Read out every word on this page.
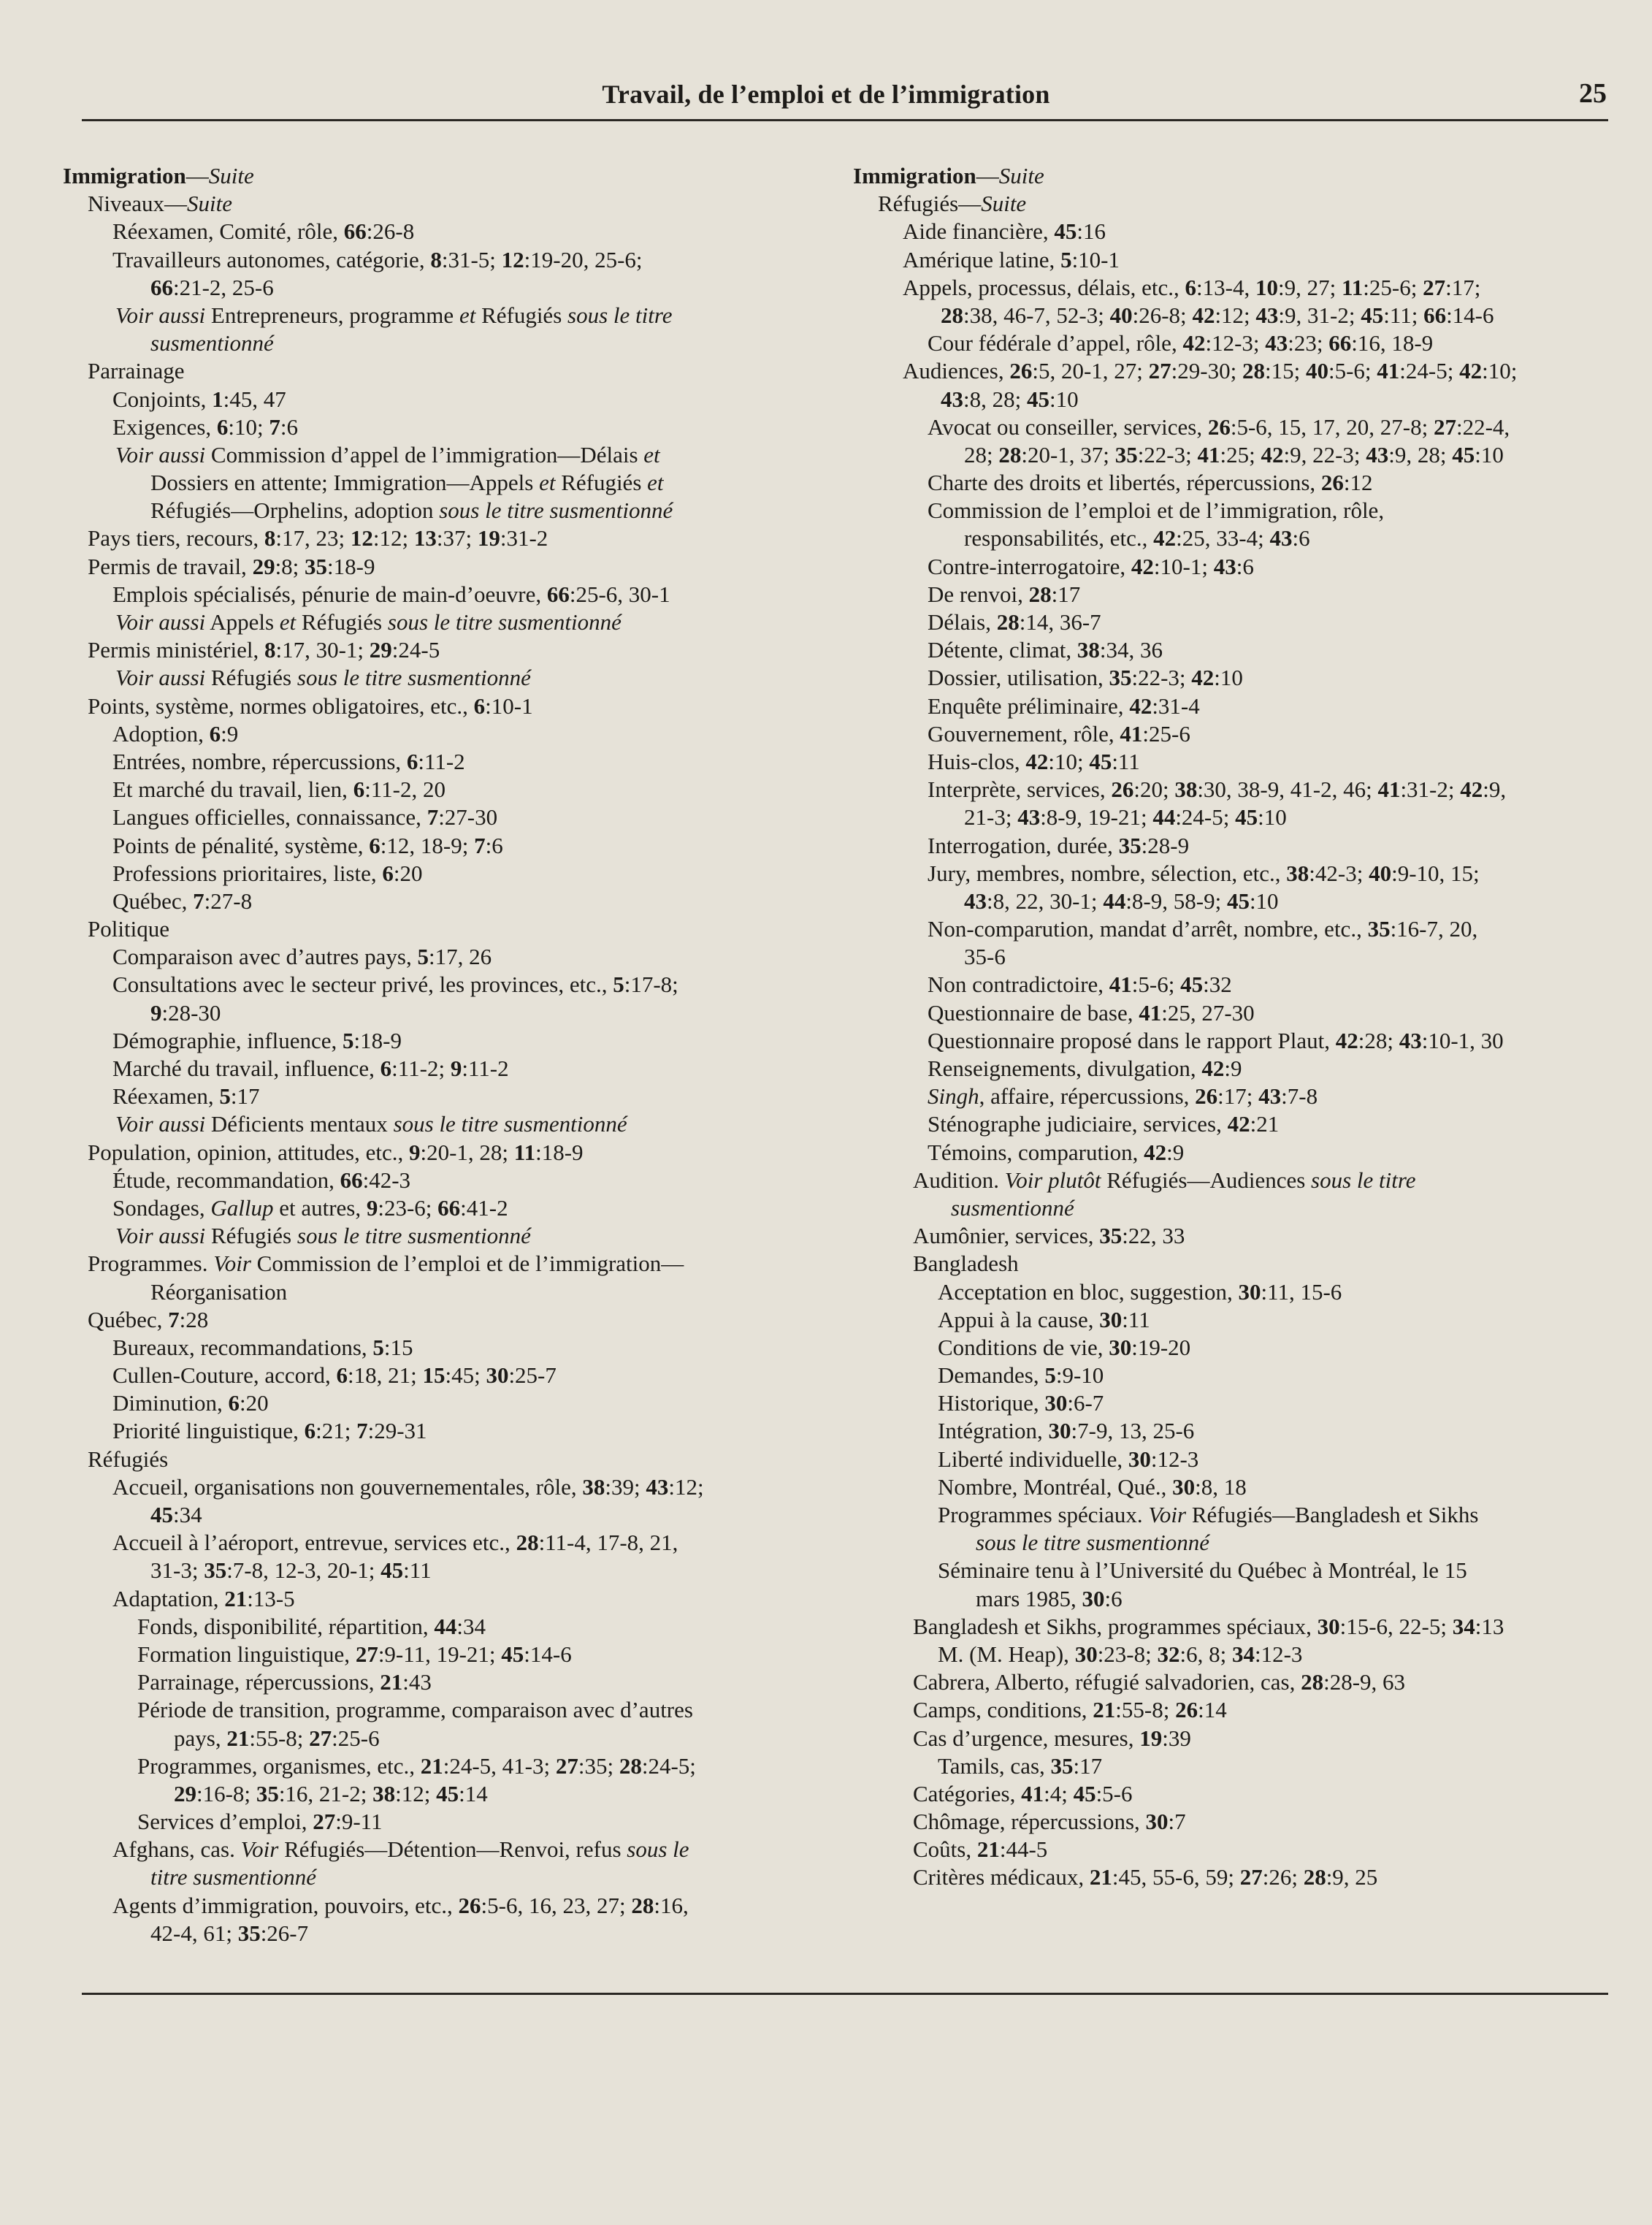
Travail, de l’emploi et de l’immigration	25
Immigration—Suite
Niveaux—Suite
Réexamen, Comité, rôle, 66:26-8
Travailleurs autonomes, catégorie, 8:31-5; 12:19-20, 25-6;
66:21-2, 25-6
Voir aussi Entrepreneurs, programme et Réfugiés sous le titre
susmentionné
Parrainage
Conjoints, 1:45, 47
Exigences, 6:10; 7:6
Voir aussi Commission d’appel de l’immigration—Délais et
Dossiers en attente; Immigration—Appels et Réfugiés et
Réfugiés—Orphelins, adoption sous le titre susmentionné
Pays tiers, recours, 8:17, 23; 12:12; 13:37; 19:31-2
Permis de travail, 29:8; 35:18-9
Emplois spécialisés, pénurie de main-d’oeuvre, 66:25-6, 30-1
Voir aussi Appels et Réfugiés sous le titre susmentionné
Permis ministériel, 8:17, 30-1; 29:24-5
Voir aussi Réfugiés sous le titre susmentionné
Points, système, normes obligatoires, etc., 6:10-1
Adoption, 6:9
Entrées, nombre, répercussions, 6:11-2
Et marché du travail, lien, 6:11-2, 20
Langues officielles, connaissance, 7:27-30
Points de pénalité, système, 6:12, 18-9; 7:6
Professions prioritaires, liste, 6:20
Québec, 7:27-8
Politique
Comparaison avec d’autres pays, 5:17, 26
Consultations avec le secteur privé, les provinces, etc., 5:17-8;
9:28-30
Démographie, influence, 5:18-9
Marché du travail, influence, 6:11-2; 9:11-2
Réexamen, 5:17
Voir aussi Déficients mentaux sous le titre susmentionné
Population, opinion, attitudes, etc., 9:20-1, 28; 11:18-9
Étude, recommandation, 66:42-3
Sondages, Gallup et autres, 9:23-6; 66:41-2
Voir aussi Réfugiés sous le titre susmentionné
Programmes. Voir Commission de l’emploi et de l’immigration—
Réorganisation
Québec, 7:28
Bureaux, recommandations, 5:15
Cullen-Couture, accord, 6:18, 21; 15:45; 30:25-7
Diminution, 6:20
Priorité linguistique, 6:21; 7:29-31
Réfugiés
Accueil, organisations non gouvernementales, rôle, 38:39; 43:12;
45:34
Accueil à l’aéroport, entrevue, services etc., 28:11-4, 17-8, 21,
31-3; 35:7-8, 12-3, 20-1; 45:11
Adaptation, 21:13-5
Fonds, disponibilité, répartition, 44:34
Formation linguistique, 27:9-11, 19-21; 45:14-6
Parrainage, répercussions, 21:43
Période de transition, programme, comparaison avec d’autres
pays, 21:55-8; 27:25-6
Programmes, organismes, etc., 21:24-5, 41-3; 27:35; 28:24-5;
29:16-8; 35:16, 21-2; 38:12; 45:14
Services d’emploi, 27:9-11
Afghans, cas. Voir Réfugiés—Détention—Renvoi, refus sous le
titre susmentionné
Agents d’immigration, pouvoirs, etc., 26:5-6, 16, 23, 27; 28:16,
42-4, 61; 35:26-7
Immigration—Suite
Réfugiés—Suite
Aide financière, 45:16
Amérique latine, 5:10-1
Appels, processus, délais, etc., 6:13-4, 10:9, 27; 11:25-6; 27:17;
28:38, 46-7, 52-3; 40:26-8; 42:12; 43:9, 31-2; 45:11; 66:14-6
Cour fédérale d’appel, rôle, 42:12-3; 43:23; 66:16, 18-9
Audiences, 26:5, 20-1, 27; 27:29-30; 28:15; 40:5-6; 41:24-5; 42:10;
43:8, 28; 45:10
Avocat ou conseiller, services, 26:5-6, 15, 17, 20, 27-8; 27:22-4,
28; 28:20-1, 37; 35:22-3; 41:25; 42:9, 22-3; 43:9, 28; 45:10
Charte des droits et libertés, répercussions, 26:12
Commission de l’emploi et de l’immigration, rôle,
responsabilités, etc., 42:25, 33-4; 43:6
Contre-interrogatoire, 42:10-1; 43:6
De renvoi, 28:17
Délais, 28:14, 36-7
Détente, climat, 38:34, 36
Dossier, utilisation, 35:22-3; 42:10
Enquête préliminaire, 42:31-4
Gouvernement, rôle, 41:25-6
Huis-clos, 42:10; 45:11
Interprète, services, 26:20; 38:30, 38-9, 41-2, 46; 41:31-2; 42:9,
21-3; 43:8-9, 19-21; 44:24-5; 45:10
Interrogation, durée, 35:28-9
Jury, membres, nombre, sélection, etc., 38:42-3; 40:9-10, 15;
43:8, 22, 30-1; 44:8-9, 58-9; 45:10
Non-comparution, mandat d’arrêt, nombre, etc., 35:16-7, 20,
35-6
Non contradictoire, 41:5-6; 45:32
Questionnaire de base, 41:25, 27-30
Questionnaire proposé dans le rapport Plaut, 42:28; 43:10-1, 30
Renseignements, divulgation, 42:9
Singh, affaire, répercussions, 26:17; 43:7-8
Sténographe judiciaire, services, 42:21
Témoins, comparution, 42:9
Audition. Voir plutôt Réfugiés—Audiences sous le titre
susmentionné
Aumônier, services, 35:22, 33
Bangladesh
Acceptation en bloc, suggestion, 30:11, 15-6
Appui à la cause, 30:11
Conditions de vie, 30:19-20
Demandes, 5:9-10
Historique, 30:6-7
Intégration, 30:7-9, 13, 25-6
Liberté individuelle, 30:12-3
Nombre, Montréal, Qué., 30:8, 18
Programmes spéciaux. Voir Réfugiés—Bangladesh et Sikhs
sous le titre susmentionné
Séminaire tenu à l’Université du Québec à Montréal, le 15
mars 1985, 30:6
Bangladesh et Sikhs, programmes spéciaux, 30:15-6, 22-5; 34:13
M. (M. Heap), 30:23-8; 32:6, 8; 34:12-3
Cabrera, Alberto, réfugié salvadorien, cas, 28:28-9, 63
Camps, conditions, 21:55-8; 26:14
Cas d’urgence, mesures, 19:39
Tamils, cas, 35:17
Catégories, 41:4; 45:5-6
Chômage, répercussions, 30:7
Coûts, 21:44-5
Critères médicaux, 21:45, 55-6, 59; 27:26; 28:9, 25
